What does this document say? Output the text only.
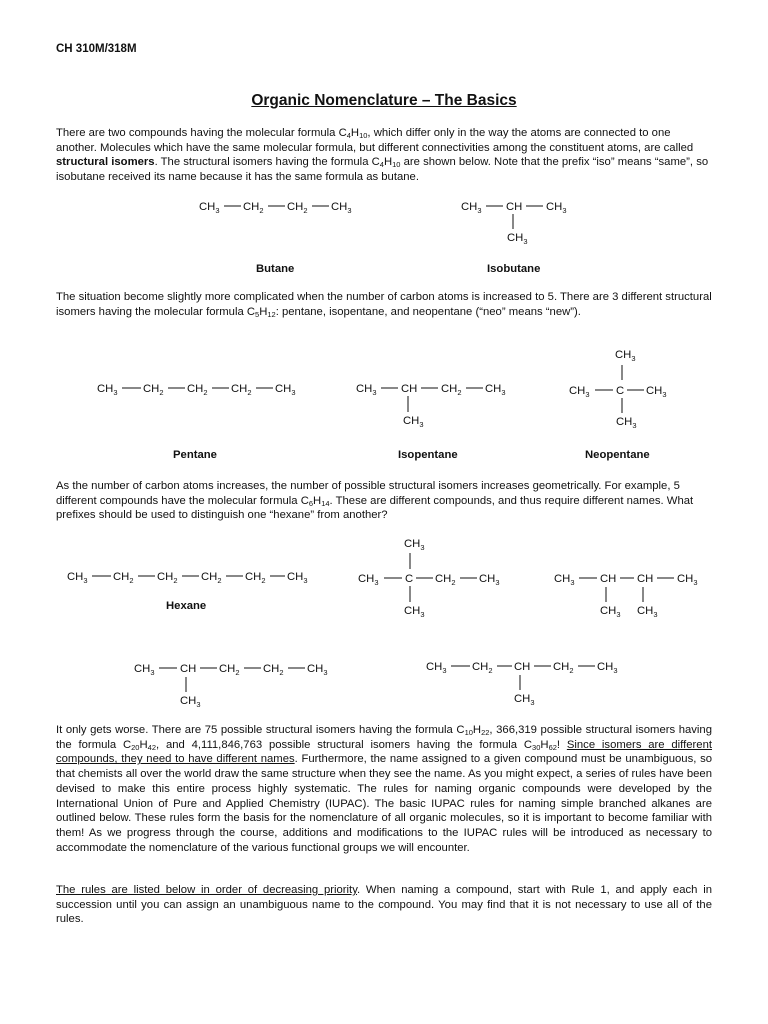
CH 310M/318M
Organic Nomenclature – The Basics
There are two compounds having the molecular formula $C_4H_{10}$, which differ only in the way the atoms are connected to one another. Molecules which have the same molecular formula, but different connectivities among the constituent atoms, are called structural isomers. The structural isomers having the formula $C_4H_{10}$ are shown below. Note that the prefix “iso” means “same”, so isobutane received its name because it has the same formula as butane.
The situation become slightly more complicated when the number of carbon atoms is increased to 5. There are 3 different structural isomers having the molecular formula $C_5H_{12}$: pentane, isopentane, and neopentane (“neo” means “new”).
As the number of carbon atoms increases, the number of possible structural isomers increases geometrically. For example, 5 different compounds have the molecular formula $C_6H_{14}$. These are different compounds, and thus require different names. What prefixes should be used to distinguish one “hexane” from another?
It only gets worse. There are 75 possible structural isomers having the formula $C_{10}H_{22}$, 366,319 possible structural isomers having the formula $C_{20}H_{42}$, and 4,111,846,763 possible structural isomers having the formula $C_{30}H_{62}$! Since isomers are different compounds, they need to have different names. Furthermore, the name assigned to a given compound must be unambiguous, so that chemists all over the world draw the same structure when they see the name. As you might expect, a series of rules have been devised to make this entire process highly systematic. The rules for naming organic compounds were developed by the International Union of Pure and Applied Chemistry (IUPAC). The basic IUPAC rules for naming simple branched alkanes are outlined below. These rules form the basis for the nomenclature of all organic molecules, so it is important to become familiar with them! As we progress through the course, additions and modifications to the IUPAC rules will be introduced as necessary to accommodate the nomenclature of the various functional groups we will encounter.
The rules are listed below in order of decreasing priority. When naming a compound, start with Rule 1, and apply each in succession until you can assign an unambiguous name to the compound. You may find that it is not necessary to use all of the rules.
Butane	Isobutane
Pentane	Isopentane	Neopentane
Hexane
$CH_3$ $CH_2$ $CH_2$ $CH_3$	$CH_3$ CH $CH_3$
$CH_3$
$CH_3$ $CH_2$ $CH_2$ $CH_2$ $CH_3$	$CH_3$ CH $CH_2$ $CH_3$
$CH_3$
$CH_3$
$CH_3$ C $CH_3$
$CH_3$
$CH_3$ $CH_2$ $CH_2$ $CH_2$ $CH_2$ $CH_3$
$CH_3$
$CH_3$ C $CH_2$ $CH_3$
$CH_3$
$CH_3$ CH CH $CH_3$
$CH_3$ $CH_3$
$CH_3$ CH $CH_2$ $CH_2$ $CH_3$
$CH_3$
$CH_3$ $CH_2$ CH $CH_2$ $CH_3$
$CH_3$
